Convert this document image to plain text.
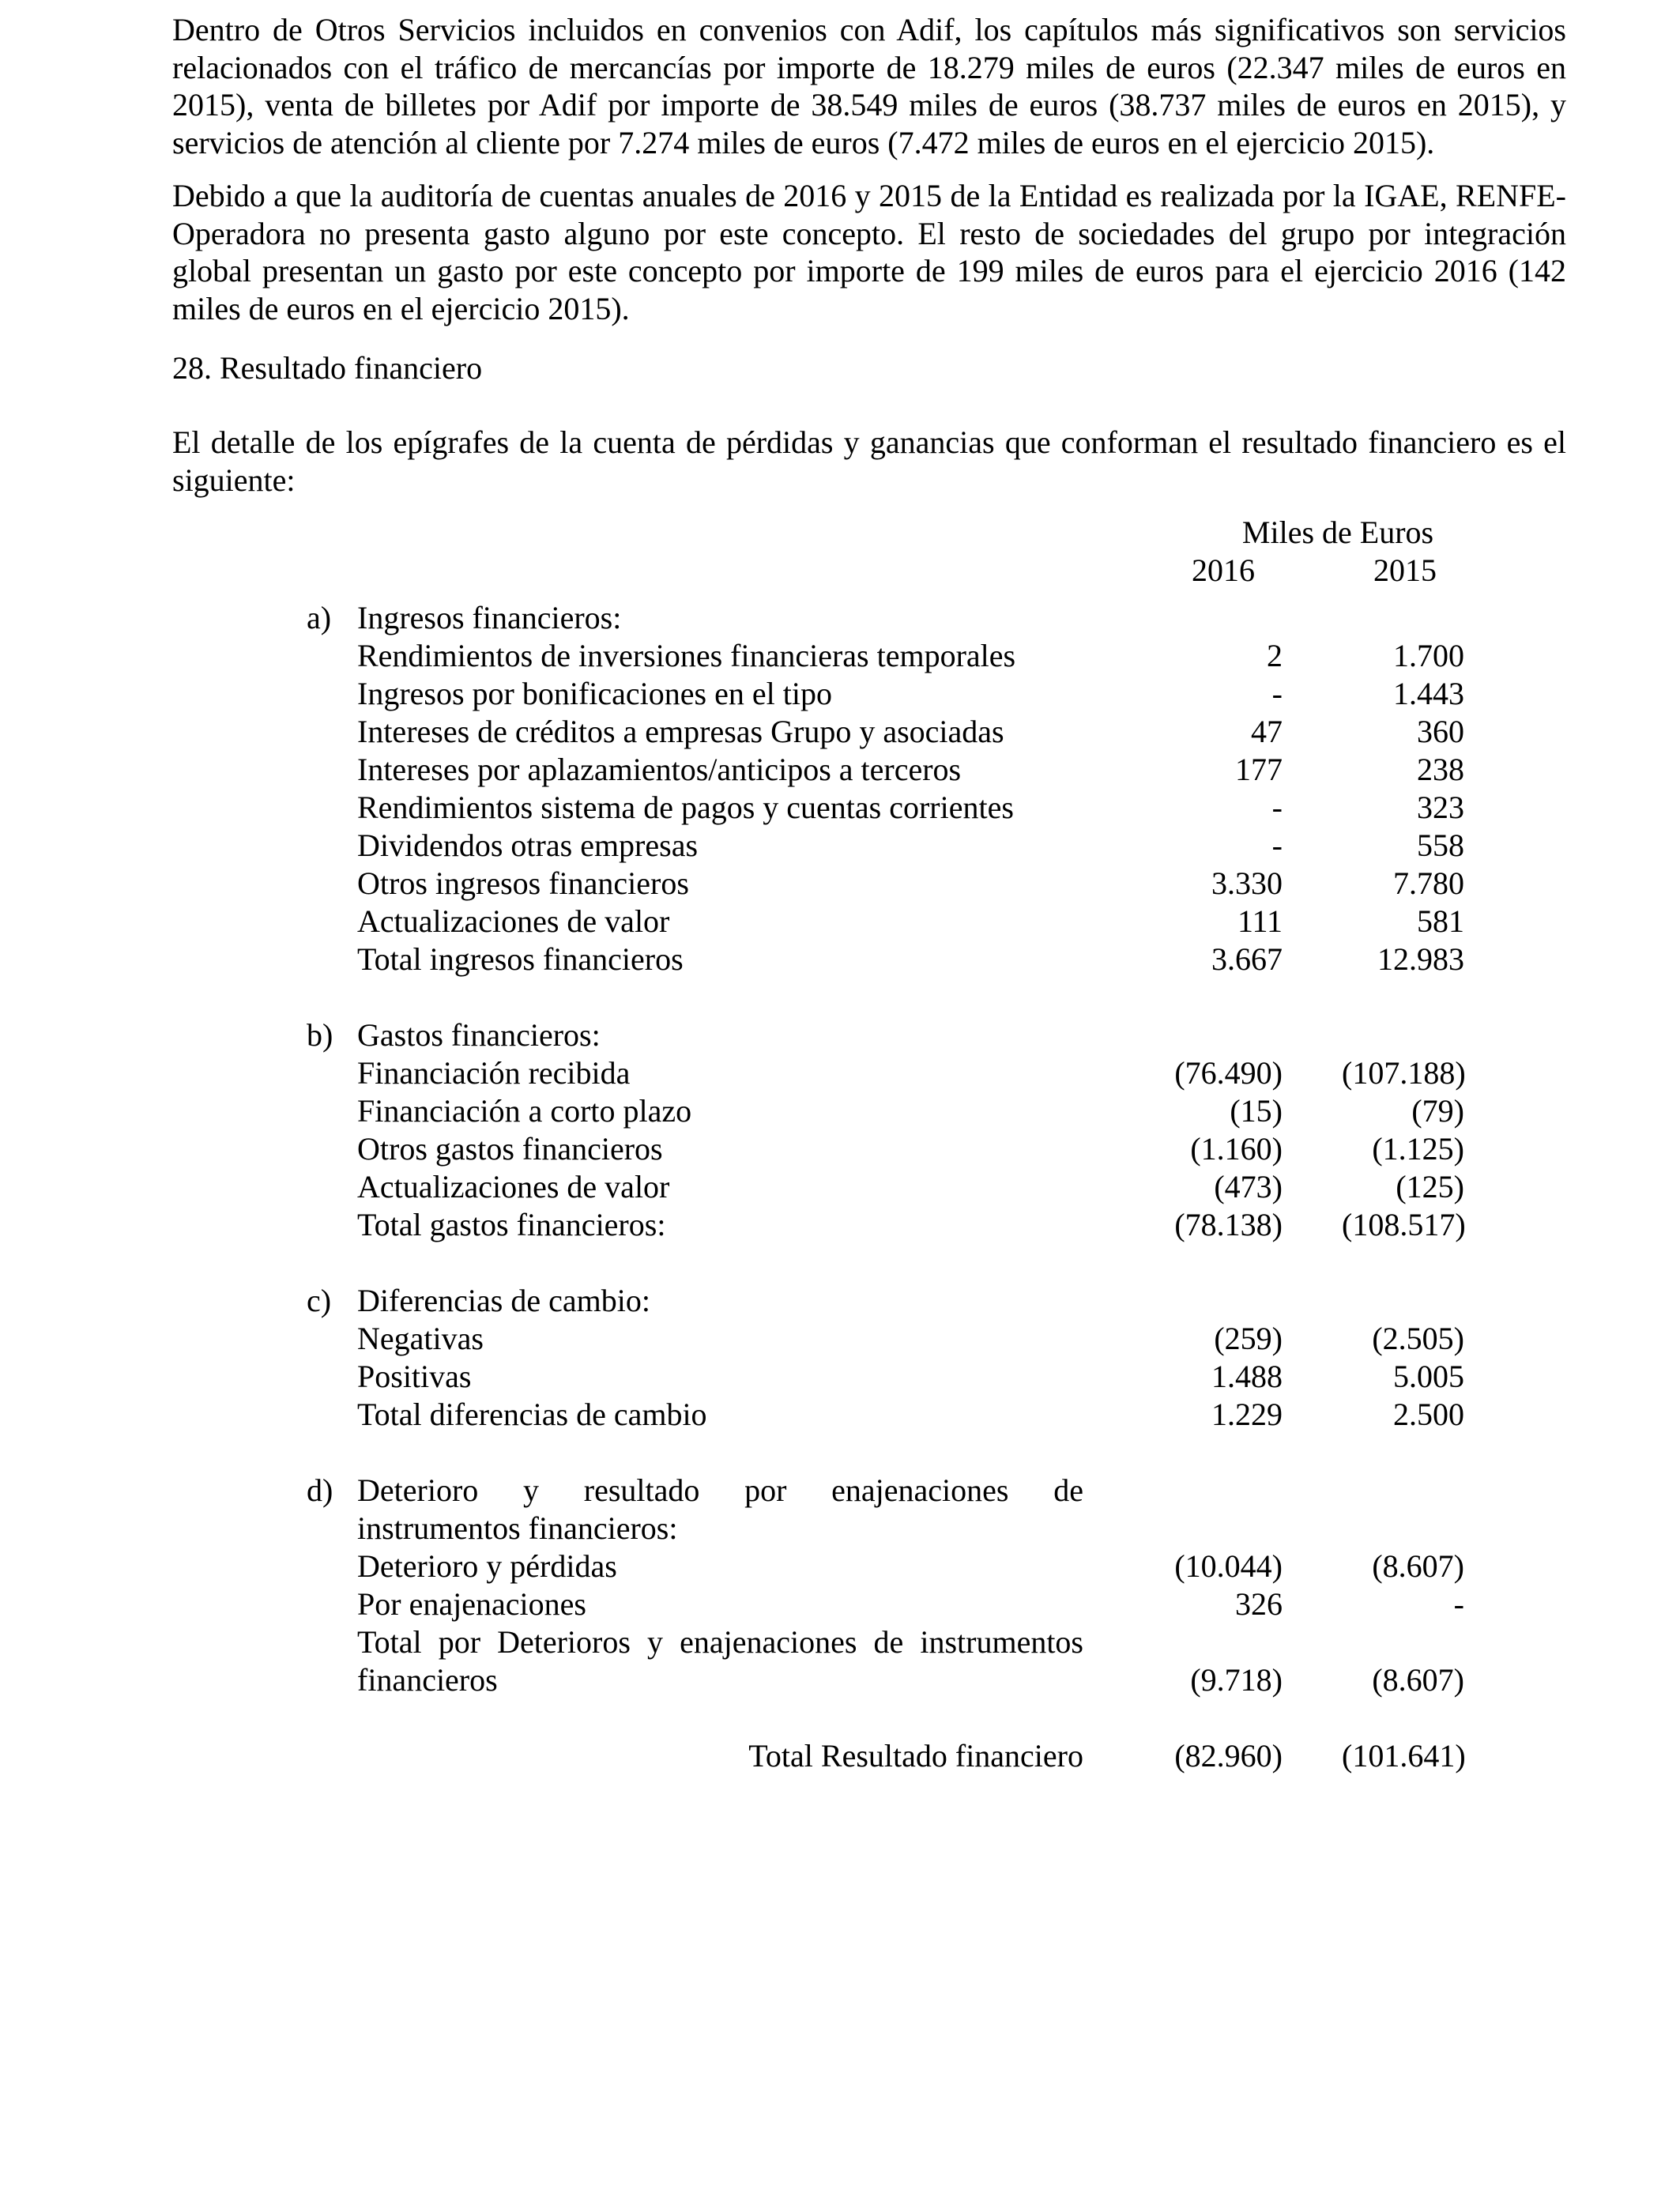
Dentro de Otros Servicios incluidos en convenios con Adif, los capítulos más significativos son servicios relacionados con el tráfico de mercancías por importe de 18.279 miles de euros (22.347 miles de euros en 2015), venta de billetes por Adif por importe de 38.549 miles de euros (38.737 miles de euros en 2015), y servicios de atención al cliente por 7.274 miles de euros (7.472 miles de euros en el ejercicio 2015).

Debido a que la auditoría de cuentas anuales de 2016 y 2015 de la Entidad es realizada por la IGAE, RENFE-Operadora no presenta gasto alguno por este concepto. El resto de sociedades del grupo por integración global presentan un gasto por este concepto por importe de 199 miles de euros para el ejercicio 2016 (142 miles de euros en el ejercicio 2015).

28. Resultado financiero

El detalle de los epígrafes de la cuenta de pérdidas y ganancias que conforman el resultado financiero es el siguiente:

Miles de Euros
2016	2015
a) Ingresos financieros:
Rendimientos de inversiones financieras temporales	2	1.700
Ingresos por bonificaciones en el tipo	-	1.443
Intereses de créditos a empresas Grupo y asociadas	47	360
Intereses por aplazamientos/anticipos a terceros	177	238
Rendimientos sistema de pagos y cuentas corrientes	-	323
Dividendos otras empresas	-	558
Otros ingresos financieros	3.330	7.780
Actualizaciones de valor	111	581
Total ingresos financieros	3.667	12.983
b) Gastos financieros:
Financiación recibida	(76.490) (107.188)
Financiación a corto plazo	(15)	(79)
Otros gastos financieros	(1.160)	(1.125)
Actualizaciones de valor	(473)	(125)
Total gastos financieros:	(78.138) (108.517)
c) Diferencias de cambio:
Negativas	(259)	(2.505)
Positivas	1.488	5.005
Total diferencias de cambio	1.229	2.500
d) Deterioro y resultado por enajenaciones de
instrumentos financieros:
Deterioro y pérdidas	(10.044)	(8.607)
Por enajenaciones	326	-
Total por Deterioros y enajenaciones de instrumentos
financieros	(9.718)	(8.607)
Total Resultado financiero	(82.960) (101.641)
